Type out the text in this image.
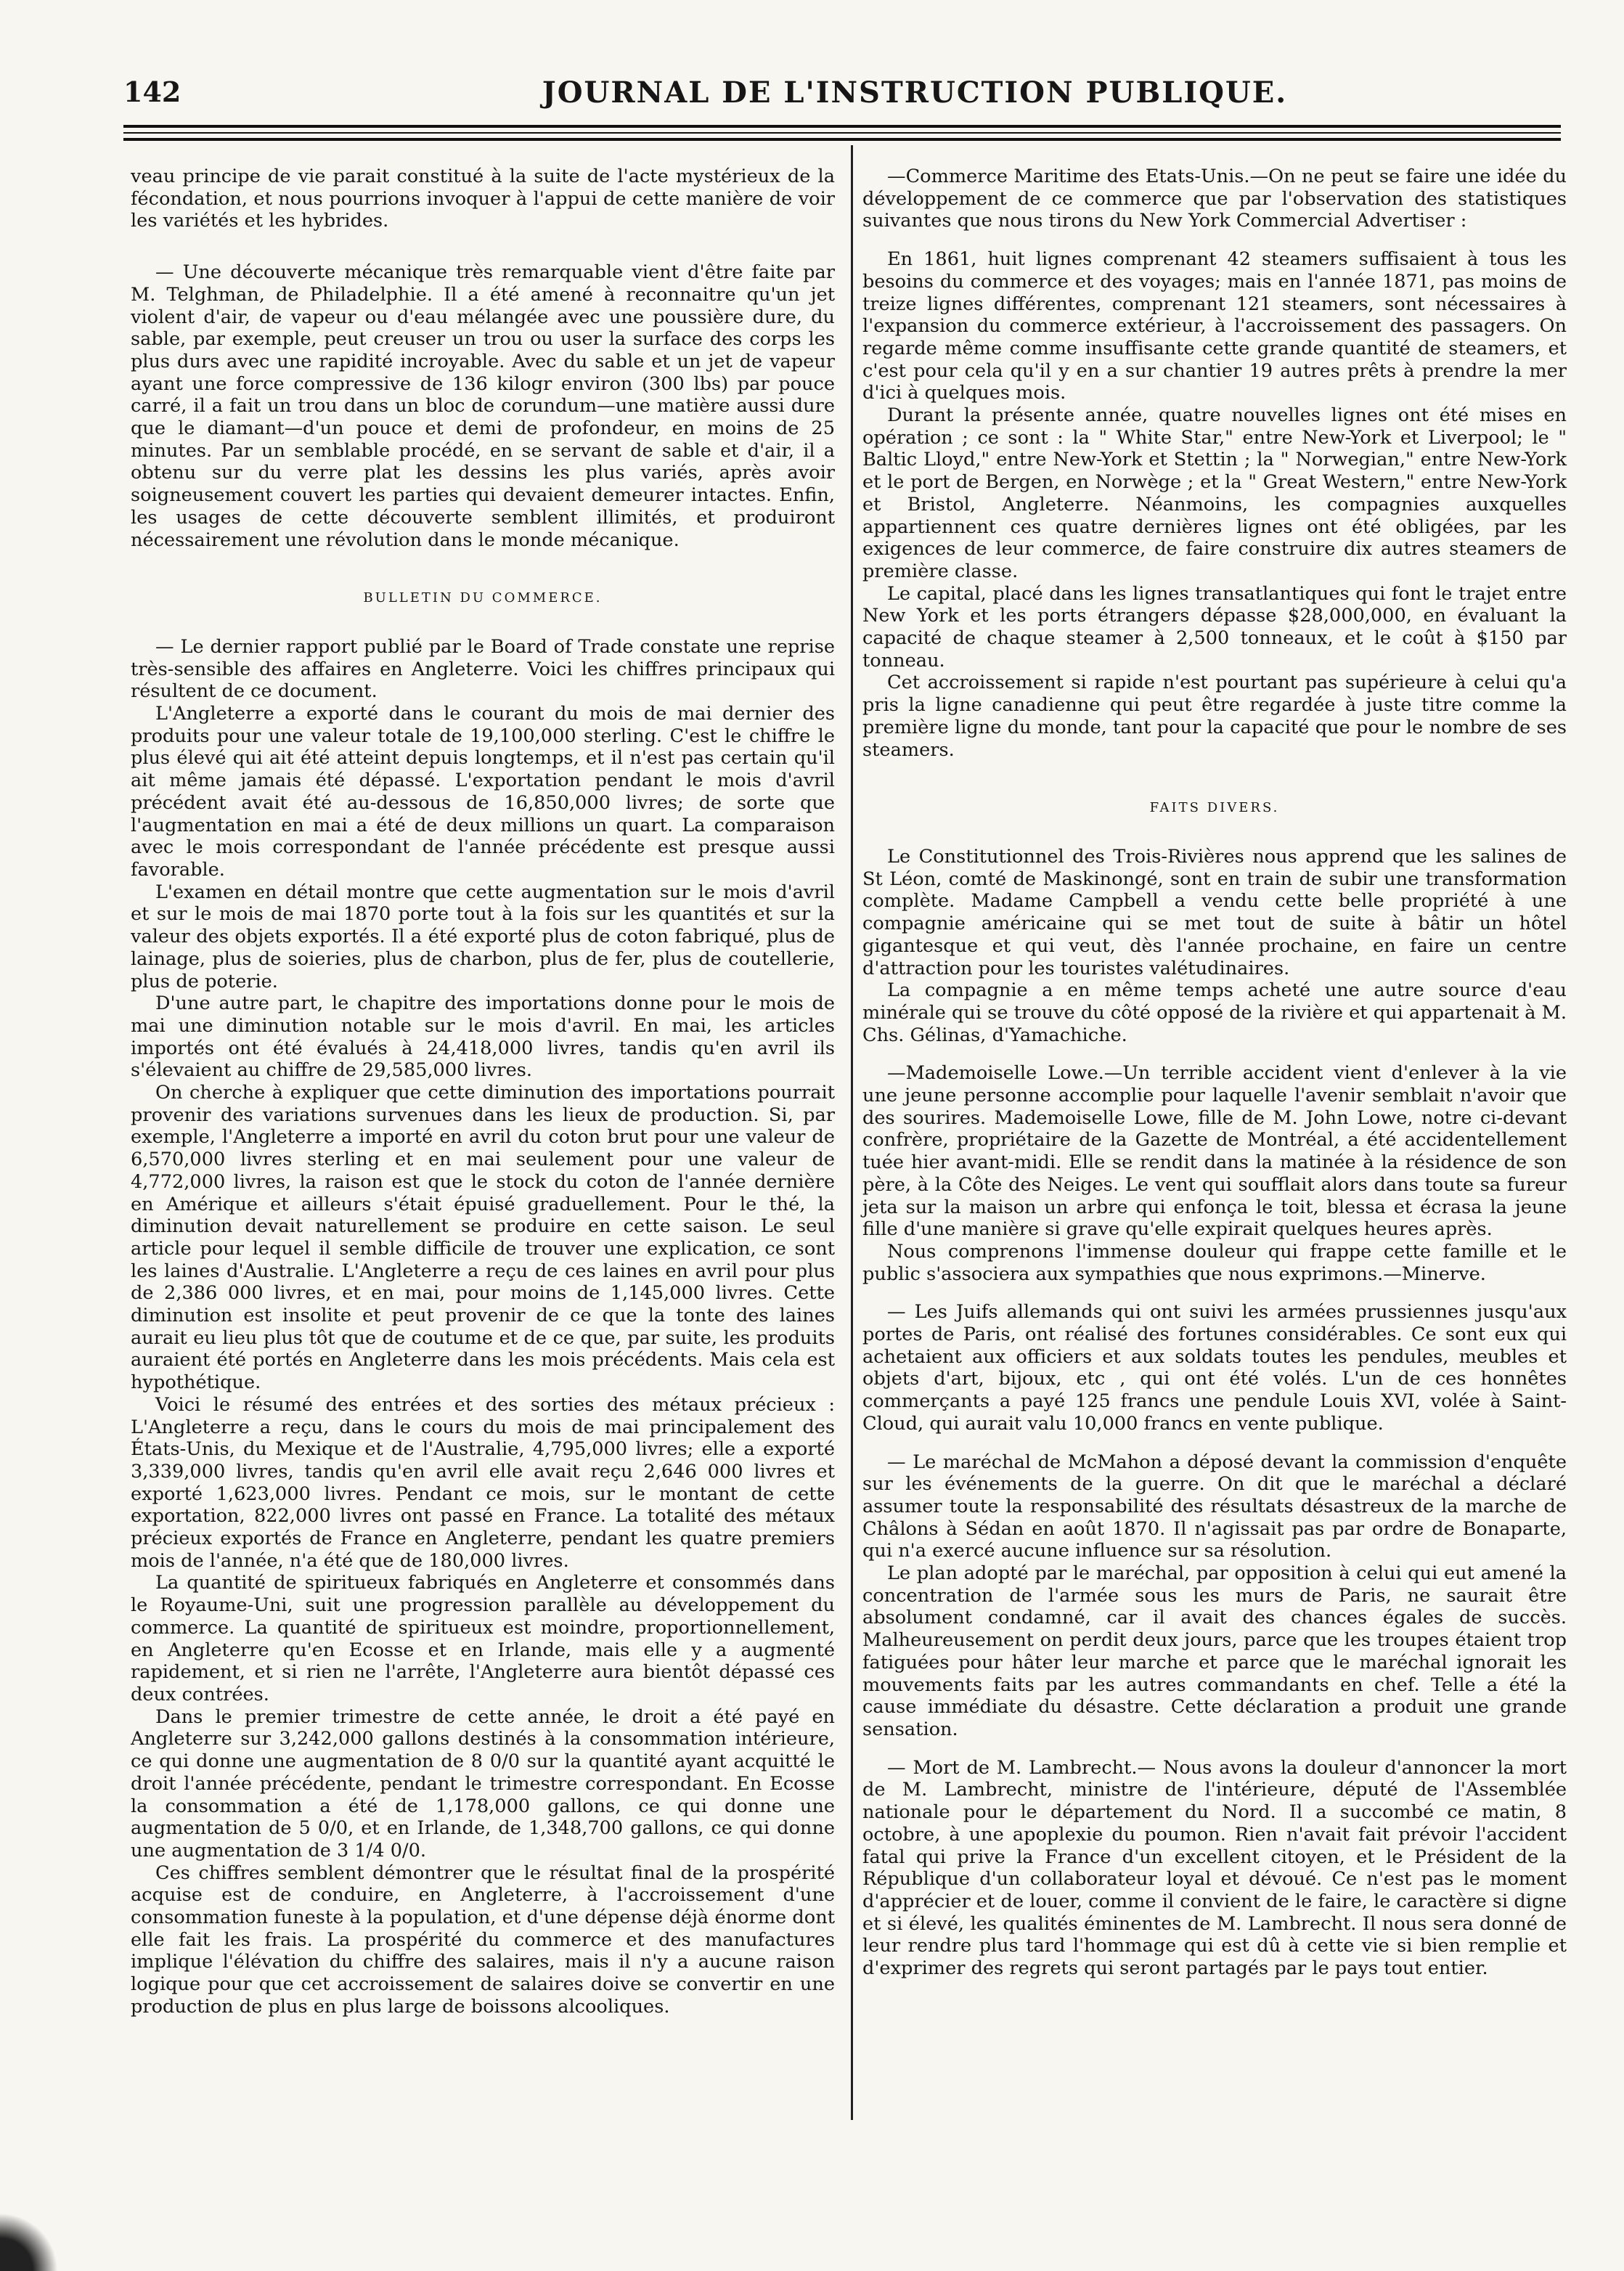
142	JOURNAL DE L'INSTRUCTION PUBLIQUE.

veau principe de vie parait constitué à la suite de l'acte mystérieux de la fécondation, et nous pourrions invoquer à l'appui de cette manière de voir les variétés et les hybrides.

— Une découverte mécanique très remarquable vient d'être faite par M. Telghman, de Philadelphie. Il a été amené à reconnaitre qu'un jet violent d'air, de vapeur ou d'eau mélangée avec une poussière dure, du sable, par exemple, peut creuser un trou ou user la surface des corps les plus durs avec une rapidité incroyable. Avec du sable et un jet de vapeur ayant une force compressive de 136 kilogr environ (300 lbs) par pouce carré, il a fait un trou dans un bloc de corundum—une matière aussi dure que le diamant—d'un pouce et demi de profondeur, en moins de 25 minutes. Par un semblable procédé, en se servant de sable et d'air, il a obtenu sur du verre plat les dessins les plus variés, après avoir soigneusement couvert les parties qui devaient demeurer intactes. Enfin, les usages de cette découverte semblent illimités, et produiront nécessairement une révolution dans le monde mécanique.

BULLETIN DU COMMERCE.

— Le dernier rapport publié par le Board of Trade constate une reprise très-sensible des affaires en Angleterre. Voici les chiffres principaux qui résultent de ce document.

L'Angleterre a exporté dans le courant du mois de mai dernier des produits pour une valeur totale de 19,100,000 sterling. C'est le chiffre le plus élevé qui ait été atteint depuis longtemps, et il n'est pas certain qu'il ait même jamais été dépassé. L'exportation pendant le mois d'avril précédent avait été au-dessous de 16,850,000 livres; de sorte que l'augmentation en mai a été de deux millions un quart. La comparaison avec le mois correspondant de l'année précédente est presque aussi favorable.

L'examen en détail montre que cette augmentation sur le mois d'avril et sur le mois de mai 1870 porte tout à la fois sur les quantités et sur la valeur des objets exportés. Il a été exporté plus de coton fabriqué, plus de lainage, plus de soieries, plus de charbon, plus de fer, plus de coutellerie, plus de poterie.

D'une autre part, le chapitre des importations donne pour le mois de mai une diminution notable sur le mois d'avril. En mai, les articles importés ont été évalués à 24,418,000 livres, tandis qu'en avril ils s'élevaient au chiffre de 29,585,000 livres.

On cherche à expliquer que cette diminution des importations pourrait provenir des variations survenues dans les lieux de production. Si, par exemple, l'Angleterre a importé en avril du coton brut pour une valeur de 6,570,000 livres sterling et en mai seulement pour une valeur de 4,772,000 livres, la raison est que le stock du coton de l'année dernière en Amérique et ailleurs s'était épuisé graduellement. Pour le thé, la diminution devait naturellement se produire en cette saison. Le seul article pour lequel il semble difficile de trouver une explication, ce sont les laines d'Australie. L'Angleterre a reçu de ces laines en avril pour plus de 2,386 000 livres, et en mai, pour moins de 1,145,000 livres. Cette diminution est insolite et peut provenir de ce que la tonte des laines aurait eu lieu plus tôt que de coutume et de ce que, par suite, les produits auraient été portés en Angleterre dans les mois précédents. Mais cela est hypothétique.

Voici le résumé des entrées et des sorties des métaux précieux : L'Angleterre a reçu, dans le cours du mois de mai principalement des États-Unis, du Mexique et de l'Australie, 4,795,000 livres; elle a exporté 3,339,000 livres, tandis qu'en avril elle avait reçu 2,646 000 livres et exporté 1,623,000 livres. Pendant ce mois, sur le montant de cette exportation, 822,000 livres ont passé en France. La totalité des métaux précieux exportés de France en Angleterre, pendant les quatre premiers mois de l'année, n'a été que de 180,000 livres.

La quantité de spiritueux fabriqués en Angleterre et consommés dans le Royaume-Uni, suit une progression parallèle au développement du commerce. La quantité de spiritueux est moindre, proportionnellement, en Angleterre qu'en Ecosse et en Irlande, mais elle y a augmenté rapidement, et si rien ne l'arrête, l'Angleterre aura bientôt dépassé ces deux contrées.

Dans le premier trimestre de cette année, le droit a été payé en Angleterre sur 3,242,000 gallons destinés à la consommation intérieure, ce qui donne une augmentation de 8 0/0 sur la quantité ayant acquitté le droit l'année précédente, pendant le trimestre correspondant. En Ecosse la consommation a été de 1,178,000 gallons, ce qui donne une augmentation de 5 0/0, et en Irlande, de 1,348,700 gallons, ce qui donne une augmentation de 3 1/4 0/0.

Ces chiffres semblent démontrer que le résultat final de la prospérité acquise est de conduire, en Angleterre, à l'accroissement d'une consommation funeste à la population, et d'une dépense déjà énorme dont elle fait les frais. La prospérité du commerce et des manufactures implique l'élévation du chiffre des salaires, mais il n'y a aucune raison logique pour que cet accroissement de salaires doive se convertir en une production de plus en plus large de boissons alcooliques.

—Commerce Maritime des Etats-Unis.—On ne peut se faire une idée du développement de ce commerce que par l'observation des statistiques suivantes que nous tirons du New York Commercial Advertiser :

En 1861, huit lignes comprenant 42 steamers suffisaient à tous les besoins du commerce et des voyages; mais en l'année 1871, pas moins de treize lignes différentes, comprenant 121 steamers, sont nécessaires à l'expansion du commerce extérieur, à l'accroissement des passagers. On regarde même comme insuffisante cette grande quantité de steamers, et c'est pour cela qu'il y en a sur chantier 19 autres prêts à prendre la mer d'ici à quelques mois.

Durant la présente année, quatre nouvelles lignes ont été mises en opération ; ce sont : la " White Star," entre New-York et Liverpool; le " Baltic Lloyd," entre New-York et Stettin ; la " Norwegian," entre New-York et le port de Bergen, en Norwège ; et la " Great Western," entre New-York et Bristol, Angleterre. Néanmoins, les compagnies auxquelles appartiennent ces quatre dernières lignes ont été obligées, par les exigences de leur commerce, de faire construire dix autres steamers de première classe.

Le capital, placé dans les lignes transatlantiques qui font le trajet entre New York et les ports étrangers dépasse $28,000,000, en évaluant la capacité de chaque steamer à 2,500 tonneaux, et le coût à $150 par tonneau.

Cet accroissement si rapide n'est pourtant pas supérieure à celui qu'a pris la ligne canadienne qui peut être regardée à juste titre comme la première ligne du monde, tant pour la capacité que pour le nombre de ses steamers.

FAITS DIVERS.

Le Constitutionnel des Trois-Rivières nous apprend que les salines de St Léon, comté de Maskinongé, sont en train de subir une transformation complète. Madame Campbell a vendu cette belle propriété à une compagnie américaine qui se met tout de suite à bâtir un hôtel gigantesque et qui veut, dès l'année prochaine, en faire un centre d'attraction pour les touristes valétudinaires.

La compagnie a en même temps acheté une autre source d'eau minérale qui se trouve du côté opposé de la rivière et qui appartenait à M. Chs. Gélinas, d'Yamachiche.

—Mademoiselle Lowe.—Un terrible accident vient d'enlever à la vie une jeune personne accomplie pour laquelle l'avenir semblait n'avoir que des sourires. Mademoiselle Lowe, fille de M. John Lowe, notre ci-devant confrère, propriétaire de la Gazette de Montréal, a été accidentellement tuée hier avant-midi. Elle se rendit dans la matinée à la résidence de son père, à la Côte des Neiges. Le vent qui soufflait alors dans toute sa fureur jeta sur la maison un arbre qui enfonça le toit, blessa et écrasa la jeune fille d'une manière si grave qu'elle expirait quelques heures après.

Nous comprenons l'immense douleur qui frappe cette famille et le public s'associera aux sympathies que nous exprimons.—Minerve.

— Les Juifs allemands qui ont suivi les armées prussiennes jusqu'aux portes de Paris, ont réalisé des fortunes considérables. Ce sont eux qui achetaient aux officiers et aux soldats toutes les pendules, meubles et objets d'art, bijoux, etc , qui ont été volés. L'un de ces honnêtes commerçants a payé 125 francs une pendule Louis XVI, volée à Saint-Cloud, qui aurait valu 10,000 francs en vente publique.

— Le maréchal de McMahon a déposé devant la commission d'enquête sur les événements de la guerre. On dit que le maréchal a déclaré assumer toute la responsabilité des résultats désastreux de la marche de Châlons à Sédan en août 1870. Il n'agissait pas par ordre de Bonaparte, qui n'a exercé aucune influence sur sa résolution.

Le plan adopté par le maréchal, par opposition à celui qui eut amené la concentration de l'armée sous les murs de Paris, ne saurait être absolument condamné, car il avait des chances égales de succès. Malheureusement on perdit deux jours, parce que les troupes étaient trop fatiguées pour hâter leur marche et parce que le maréchal ignorait les mouvements faits par les autres commandants en chef. Telle a été la cause immédiate du désastre. Cette déclaration a produit une grande sensation.

— Mort de M. Lambrecht.— Nous avons la douleur d'annoncer la mort de M. Lambrecht, ministre de l'intérieure, député de l'Assemblée nationale pour le département du Nord. Il a succombé ce matin, 8 octobre, à une apoplexie du poumon. Rien n'avait fait prévoir l'accident fatal qui prive la France d'un excellent citoyen, et le Président de la République d'un collaborateur loyal et dévoué. Ce n'est pas le moment d'apprécier et de louer, comme il convient de le faire, le caractère si digne et si élevé, les qualités éminentes de M. Lambrecht. Il nous sera donné de leur rendre plus tard l'hommage qui est dû à cette vie si bien remplie et d'exprimer des regrets qui seront partagés par le pays tout entier.
